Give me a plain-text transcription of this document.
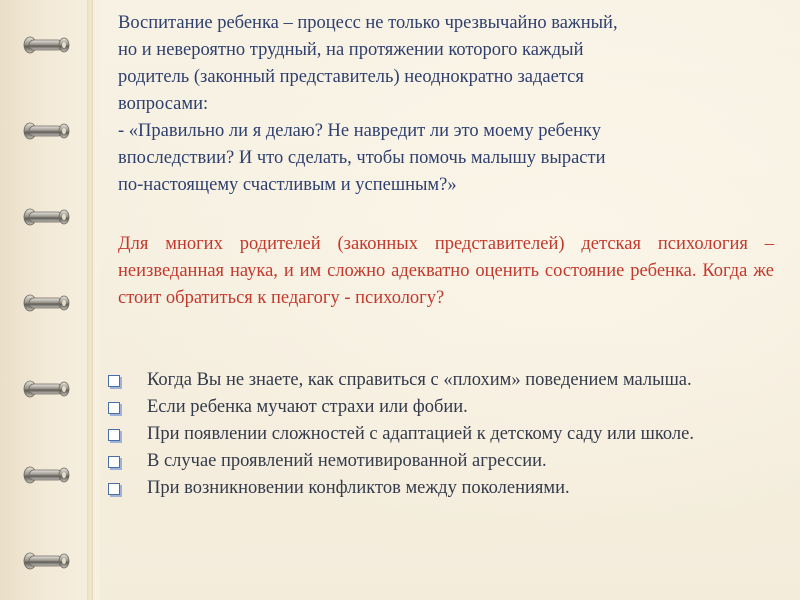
Воспитание ребенка – процесс не только чрезвычайно важный,
но и невероятно трудный, на протяжении которого каждый
родитель (законный представитель) неоднократно задается
вопросами:
- «Правильно ли я делаю? Не навредит ли это моему ребенку
впоследствии? И что сделать, чтобы помочь малышу вырасти
по-настоящему счастливым и успешным?»
Для многих родителей (законных представителей) детская психология – неизведанная наука, и им сложно адекватно оценить состояние ребенка. Когда же стоит обратиться к педагогу - психологу?
Когда Вы не знаете, как справиться с «плохим» поведением малыша.
Если ребенка мучают страхи или фобии.
При появлении сложностей с адаптацией к детскому саду или школе.
В случае проявлений немотивированной агрессии.
При возникновении конфликтов между поколениями.
